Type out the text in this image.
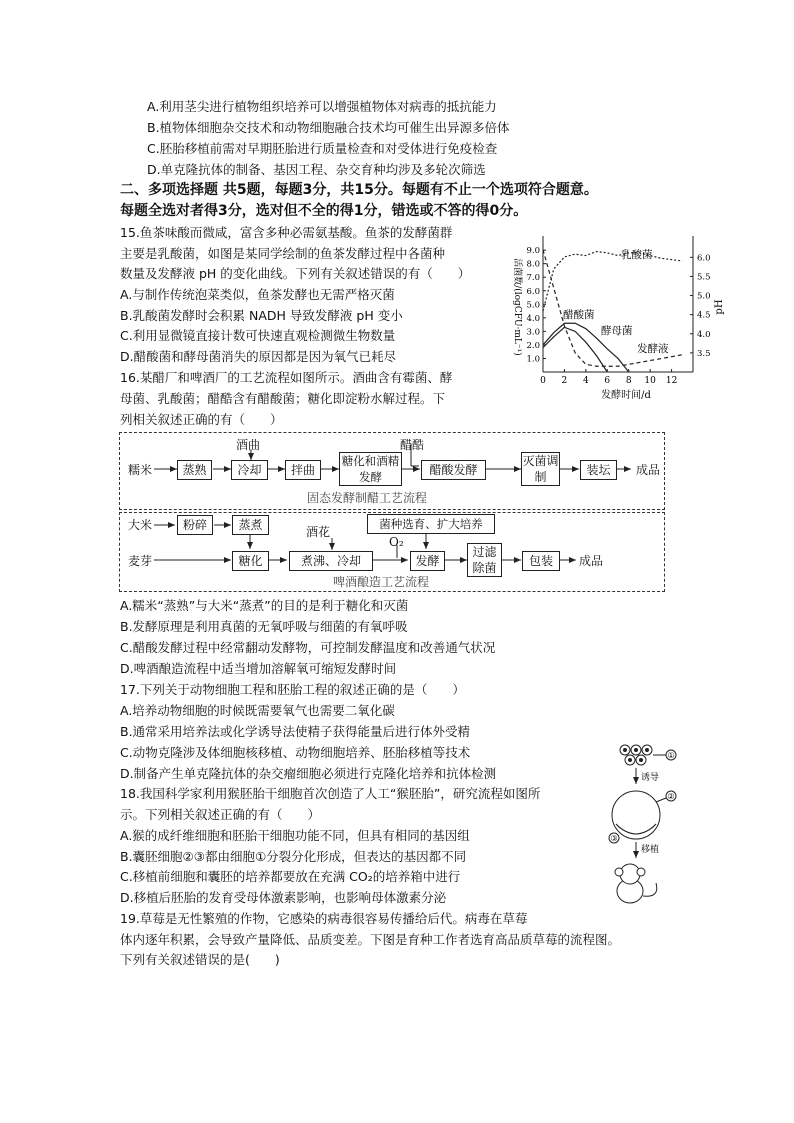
A.利用茎尖进行植物组织培养可以增强植物体对病毒的抵抗能力
B.植物体细胞杂交技术和动物细胞融合技术均可催生出异源多倍体
C.胚胎移植前需对早期胚胎进行质量检查和对受体进行免疫检查
D.单克隆抗体的制备、基因工程、杂交育种均涉及多轮次筛选
二、多项选择题 共5题，每题3分，共15分。每题有不止一个选项符合题意。
每题全选对者得3分，选对但不全的得1分，错选或不答的得0分。
15.鱼茶味酸而微咸，富含多种必需氨基酸。鱼茶的发酵菌群
主要是乳酸菌，如图是某同学绘制的鱼茶发酵过程中各菌种
数量及发酵液 pH 的变化曲线。下列有关叙述错误的有（　　）
A.与制作传统泡菜类似，鱼茶发酵也无需严格灭菌
B.乳酸菌发酵时会积累 NADH 导致发酵液 pH 变小
C.利用显微镜直接计数可快速直观检测微生物数量
D.醋酸菌和酵母菌消失的原因都是因为氧气已耗尽
0 2 4 6 8 10 12
1.0
2.0
3.0
4.0
5.0
6.0
7.0
8.0
9.0
3.5
4.0
4.5
5.0
5.5
6.0
发酵时间/d
活菌数/(logCFU·mL⁻¹)	pH
乳酸菌
醋酸菌
酵母菌
发酵液
16.某醋厂和啤酒厂的工艺流程如图所示。酒曲含有霉菌、酵
母菌、乳酸菌；醋酷含有醋酸菌；糖化即淀粉水解过程。下
列相关叙述正确的有（　　）
糯米	蒸熟	冷却	拌曲
糖化和酒精发酵	醋酸发酵
灭菌调制	装坛
酒曲	醋酷
成品
固态发酵制醋工艺流程
大米
麦芽
粉碎	蒸煮
糖化	煮沸、冷却	发酵
过滤除菌	包装
菌种选育、扩大培养
酒花
O₂
成品
啤酒酿造工艺流程
A.糯米“蒸熟”与大米“蒸煮”的目的是利于糖化和灭菌
B.发酵原理是利用真菌的无氧呼吸与细菌的有氧呼吸
C.醋酸发酵过程中经常翻动发酵物，可控制发酵温度和改善通气状况
D.啤酒酿造流程中适当增加溶解氧可缩短发酵时间
17.下列关于动物细胞工程和胚胎工程的叙述正确的是（　　）
A.培养动物细胞的时候既需要氧气也需要二氧化碳
B.通常采用培养法或化学诱导法使精子获得能量后进行体外受精
C.动物克隆涉及体细胞核移植、动物细胞培养、胚胎移植等技术
D.制备产生单克隆抗体的杂交瘤细胞必须进行克隆化培养和抗体检测
18.我国科学家利用猴胚胎干细胞首次创造了人工“猴胚胎”，研究流程如图所
示。下列相关叙述正确的有（　　）
A.猴的成纤维细胞和胚胎干细胞功能不同，但具有相同的基因组
B.囊胚细胞②③都由细胞①分裂分化形成，但表达的基因都不同
C.移植前细胞和囊胚的培养都要放在充满 CO₂的培养箱中进行
D.移植后胚胎的发育受母体激素影响，也影响母体激素分泌
①
诱导
②
③
移植
19.草莓是无性繁殖的作物，它感染的病毒很容易传播给后代。病毒在草莓
体内逐年积累，会导致产量降低、品质变差。下图是育种工作者选育高品质草莓的流程图。
下列有关叙述错误的是(　　)
